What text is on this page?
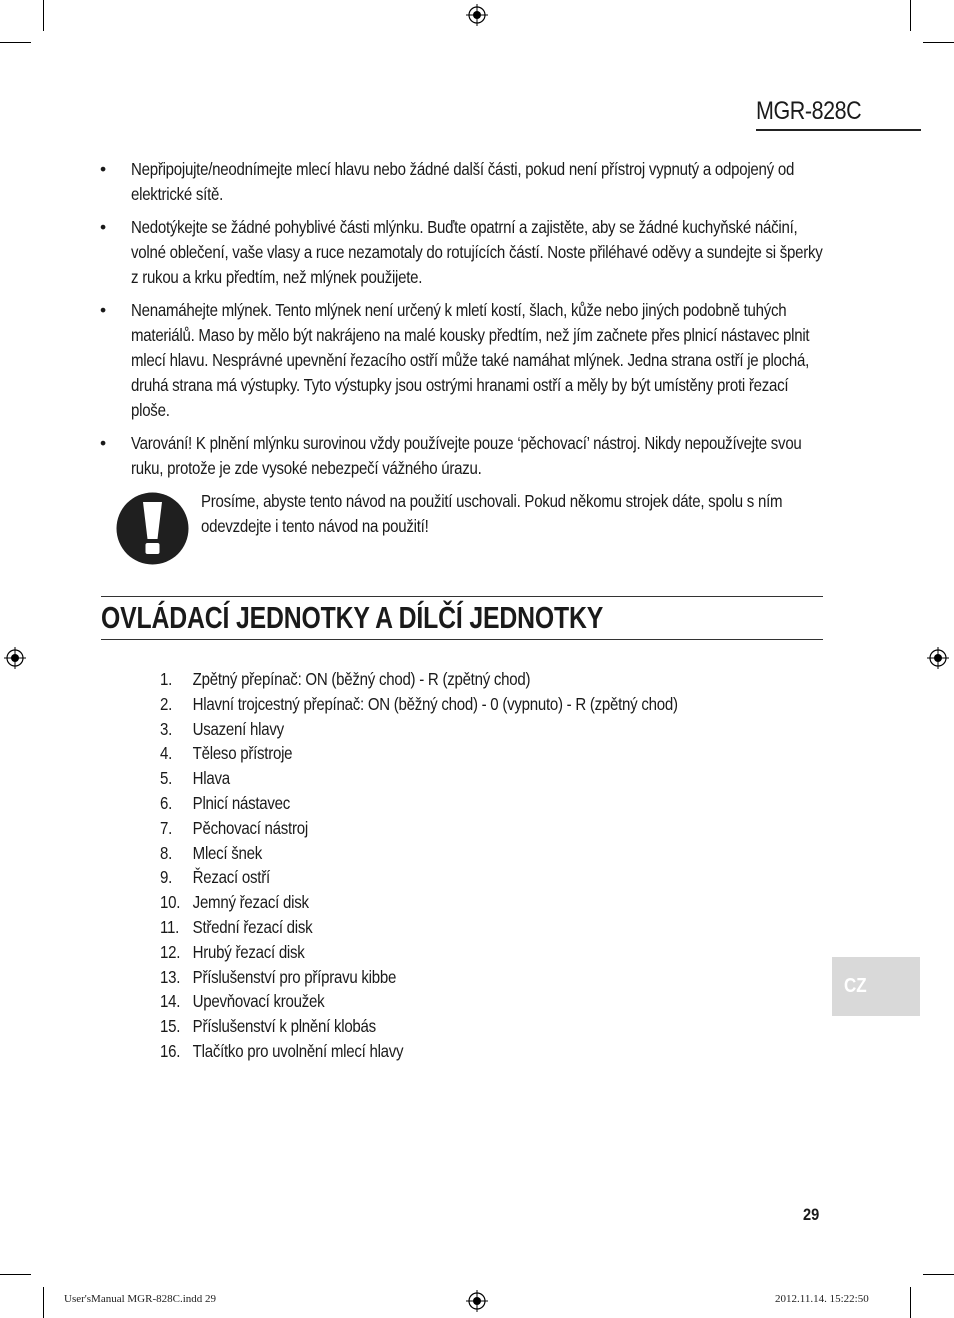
MGR-828C
• Nepřipojujte/neodnímejte mlecí hlavu nebo žádné další části, pokud není přístroj vypnutý a odpojený od elektrické sítě.
• Nedotýkejte se žádné pohyblivé části mlýnku. Buďte opatrní a zajistěte, aby se žádné kuchyňské náčiní, volné oblečení, vaše vlasy a ruce nezamotaly do rotujících částí. Noste přiléhavé oděvy a sundejte si šperky z rukou a krku předtím, než mlýnek použijete.
• Nenamáhejte mlýnek. Tento mlýnek není určený k mletí kostí, šlach, kůže nebo jiných podobně tuhých materiálů. Maso by mělo být nakrájeno na malé kousky předtím, než jím začnete přes plnicí nástavec plnit mlecí hlavu. Nesprávné upevnění řezacího ostří může také namáhat mlýnek. Jedna strana ostří je plochá, druhá strana má výstupky. Tyto výstupky jsou ostrými hranami ostří a měly by být umístěny proti řezací ploše.
• Varování! K plnění mlýnku surovinou vždy používejte pouze ‘pěchovací’ nástroj. Nikdy nepoužívejte svou ruku, protože je zde vysoké nebezpečí vážného úrazu.
Prosíme, abyste tento návod na použití uschovali. Pokud někomu strojek dáte, spolu s ním odevzdejte i tento návod na použití!
OVLÁDACÍ JEDNOTKY A DÍLČÍ JEDNOTKY
1. Zpětný přepínač: ON (běžný chod) - R (zpětný chod)
2. Hlavní trojcestný přepínač: ON (běžný chod) - 0 (vypnuto) - R (zpětný chod)
3. Usazení hlavy
4. Těleso přístroje
5. Hlava
6. Plnicí nástavec
7. Pěchovací nástroj
8. Mlecí šnek
9. Řezací ostří
10. Jemný řezací disk
11. Střední řezací disk
12. Hrubý řezací disk
13. Příslušenství pro přípravu kibbe
14. Upevňovací kroužek
15. Příslušenství k plnění klobás
16. Tlačítko pro uvolnění mlecí hlavy
CZ
29
User'sManual MGR-828C.indd 29	2012.11.14. 15:22:50
